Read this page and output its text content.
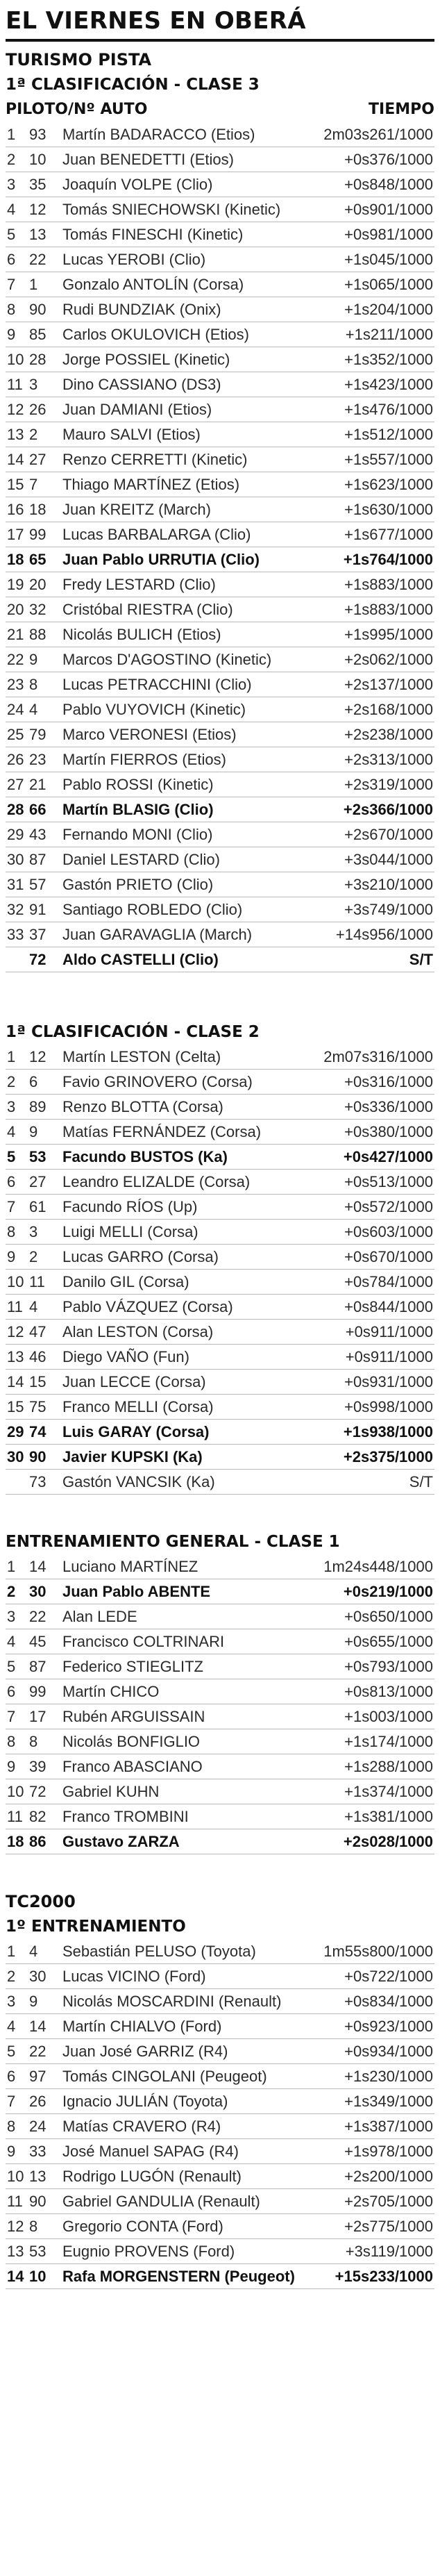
EL VIERNES EN OBERÁ
TURISMO PISTA
1ª CLASIFICACIÓN - CLASE 3
PILOTO/Nº AUTO	TIEMPO
1 93	Martín BADARACCO (Etios)	2m03s261/1000
2 10	Juan BENEDETTI (Etios)	+0s376/1000
3 35	Joaquín VOLPE (Clio)	+0s848/1000
4 12	Tomás SNIECHOWSKI (Kinetic)	+0s901/1000
5 13	Tomás FINESCHI (Kinetic)	+0s981/1000
6 22	Lucas YEROBI (Clio)	+1s045/1000
7 1	Gonzalo ANTOLÍN (Corsa)	+1s065/1000
8 90	Rudi BUNDZIAK (Onix)	+1s204/1000
9 85	Carlos OKULOVICH (Etios)	+1s211/1000
10 28	Jorge POSSIEL (Kinetic)	+1s352/1000
11 3	Dino CASSIANO (DS3)	+1s423/1000
12 26	Juan DAMIANI (Etios)	+1s476/1000
13 2	Mauro SALVI (Etios)	+1s512/1000
14 27	Renzo CERRETTI (Kinetic)	+1s557/1000
15 7	Thiago MARTÍNEZ (Etios)	+1s623/1000
16 18	Juan KREITZ (March)	+1s630/1000
17 99	Lucas BARBALARGA (Clio)	+1s677/1000
18 65	Juan Pablo URRUTIA (Clio)	+1s764/1000
19 20	Fredy LESTARD (Clio)	+1s883/1000
20 32	Cristóbal RIESTRA (Clio)	+1s883/1000
21 88	Nicolás BULICH (Etios)	+1s995/1000
22 9	Marcos D'AGOSTINO (Kinetic)	+2s062/1000
23 8	Lucas PETRACCHINI (Clio)	+2s137/1000
24 4	Pablo VUYOVICH (Kinetic)	+2s168/1000
25 79	Marco VERONESI (Etios)	+2s238/1000
26 23	Martín FIERROS (Etios)	+2s313/1000
27 21	Pablo ROSSI (Kinetic)	+2s319/1000
28 66	Martín BLASIG (Clio)	+2s366/1000
29 43	Fernando MONI (Clio)	+2s670/1000
30 87	Daniel LESTARD (Clio)	+3s044/1000
31 57	Gastón PRIETO (Clio)	+3s210/1000
32 91	Santiago ROBLEDO (Clio)	+3s749/1000
33 37	Juan GARAVAGLIA (March)	+14s956/1000
72	Aldo CASTELLI (Clio)	S/T
1ª CLASIFICACIÓN - CLASE 2
1 12	Martín LESTON (Celta)	2m07s316/1000
2 6	Favio GRINOVERO (Corsa)	+0s316/1000
3 89	Renzo BLOTTA (Corsa)	+0s336/1000
4 9	Matías FERNÁNDEZ (Corsa)	+0s380/1000
5 53	Facundo BUSTOS (Ka)	+0s427/1000
6 27	Leandro ELIZALDE (Corsa)	+0s513/1000
7 61	Facundo RÍOS (Up)	+0s572/1000
8 3	Luigi MELLI (Corsa)	+0s603/1000
9 2	Lucas GARRO (Corsa)	+0s670/1000
10 11	Danilo GIL (Corsa)	+0s784/1000
11 4	Pablo VÁZQUEZ (Corsa)	+0s844/1000
12 47	Alan LESTON (Corsa)	+0s911/1000
13 46	Diego VAÑO (Fun)	+0s911/1000
14 15	Juan LECCE (Corsa)	+0s931/1000
15 75	Franco MELLI (Corsa)	+0s998/1000
29 74	Luis GARAY (Corsa)	+1s938/1000
30 90	Javier KUPSKI (Ka)	+2s375/1000
73	Gastón VANCSIK (Ka)	S/T
ENTRENAMIENTO GENERAL - CLASE 1
1 14	Luciano MARTÍNEZ	1m24s448/1000
2 30	Juan Pablo ABENTE	+0s219/1000
3 22	Alan LEDE	+0s650/1000
4 45	Francisco COLTRINARI	+0s655/1000
5 87	Federico STIEGLITZ	+0s793/1000
6 99	Martín CHICO	+0s813/1000
7 17	Rubén ARGUISSAIN	+1s003/1000
8 8	Nicolás BONFIGLIO	+1s174/1000
9 39	Franco ABASCIANO	+1s288/1000
10 72	Gabriel KUHN	+1s374/1000
11 82	Franco TROMBINI	+1s381/1000
18 86	Gustavo ZARZA	+2s028/1000
TC2000
1º ENTRENAMIENTO
1 4	Sebastián PELUSO (Toyota)	1m55s800/1000
2 30	Lucas VICINO (Ford)	+0s722/1000
3 9	Nicolás MOSCARDINI (Renault)	+0s834/1000
4 14	Martín CHIALVO (Ford)	+0s923/1000
5 22	Juan José GARRIZ (R4)	+0s934/1000
6 97	Tomás CINGOLANI (Peugeot)	+1s230/1000
7 26	Ignacio JULIÁN (Toyota)	+1s349/1000
8 24	Matías CRAVERO (R4)	+1s387/1000
9 33	José Manuel SAPAG (R4)	+1s978/1000
10 13	Rodrigo LUGÓN (Renault)	+2s200/1000
11 90	Gabriel GANDULIA (Renault)	+2s705/1000
12 8	Gregorio CONTA (Ford)	+2s775/1000
13 53	Eugnio PROVENS (Ford)	+3s119/1000
14 10	Rafa MORGENSTERN (Peugeot)	+15s233/1000
